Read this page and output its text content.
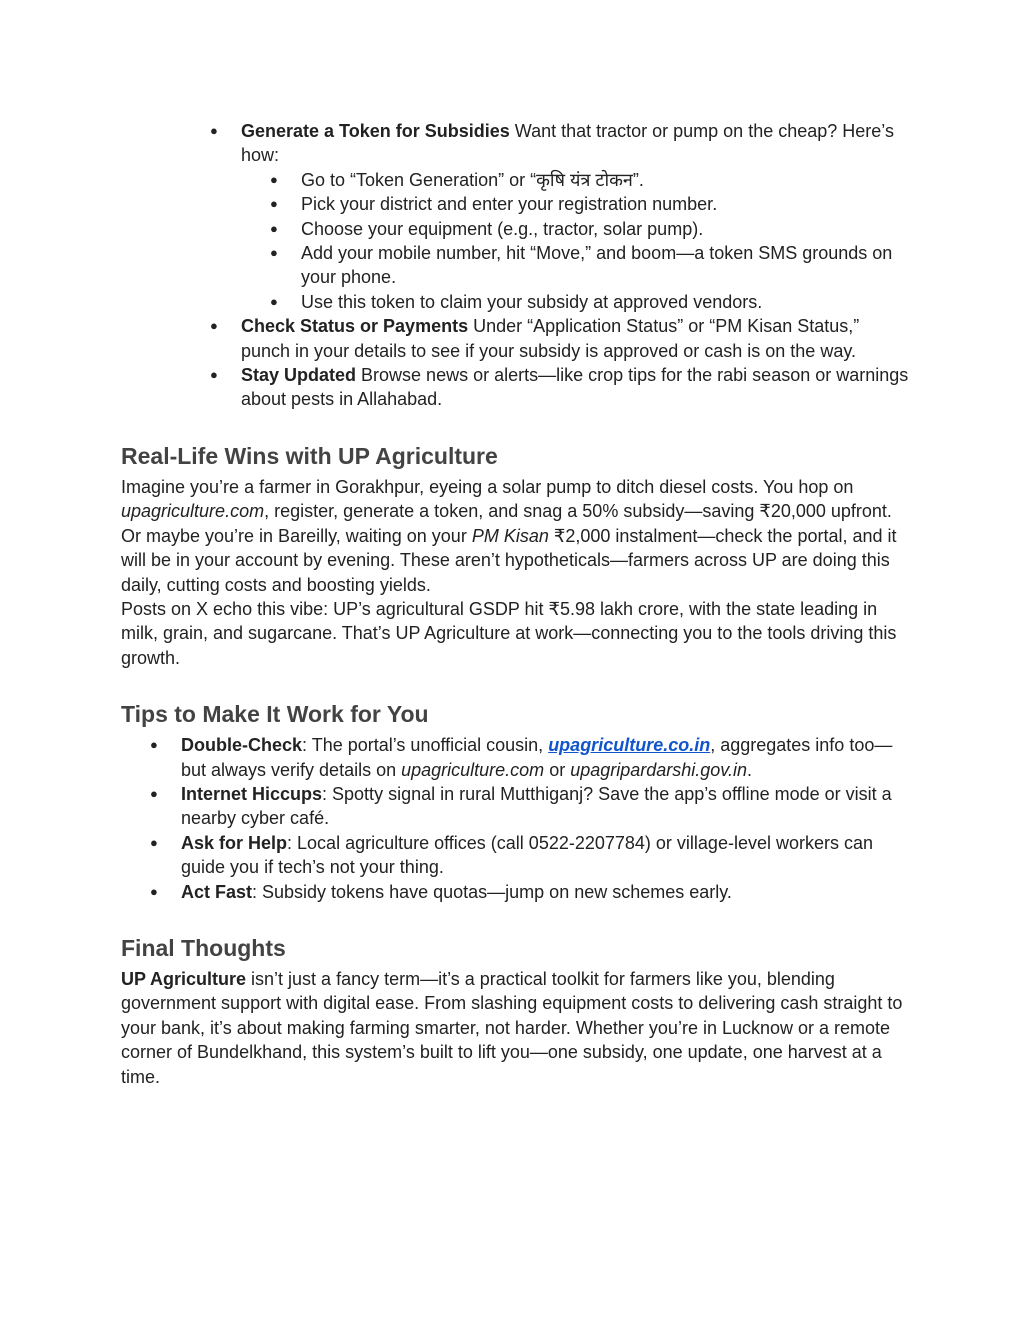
● Generate a Token for Subsidies Want that tractor or pump on the cheap? Here’s how:
● Go to “Token Generation” or “कृषि यंत्र टोकन”.
● Pick your district and enter your registration number.
● Choose your equipment (e.g., tractor, solar pump).
● Add your mobile number, hit “Move,” and boom—a token SMS grounds on your phone.
● Use this token to claim your subsidy at approved vendors.
● Check Status or Payments Under “Application Status” or “PM Kisan Status,” punch in your details to see if your subsidy is approved or cash is on the way.
● Stay Updated Browse news or alerts—like crop tips for the rabi season or warnings about pests in Allahabad.
Real-Life Wins with UP Agriculture

Imagine you’re a farmer in Gorakhpur, eyeing a solar pump to ditch diesel costs. You hop on upagriculture.com, register, generate a token, and snag a 50% subsidy—saving ₹20,000 upfront. Or maybe you’re in Bareilly, waiting on your PM Kisan ₹2,000 instalment—check the portal, and it will be in your account by evening. These aren’t hypotheticals—farmers across UP are doing this daily, cutting costs and boosting yields.

Posts on X echo this vibe: UP’s agricultural GSDP hit ₹5.98 lakh crore, with the state leading in milk, grain, and sugarcane. That’s UP Agriculture at work—connecting you to the tools driving this growth.

Tips to Make It Work for You
● Double-Check: The portal’s unofficial cousin, upagriculture.co.in, aggregates info too—but always verify details on upagriculture.com or upagripardarshi.gov.in.
● Internet Hiccups: Spotty signal in rural Mutthiganj? Save the app’s offline mode or visit a nearby cyber café.
● Ask for Help: Local agriculture offices (call 0522-2207784) or village-level workers can guide you if tech’s not your thing.
● Act Fast: Subsidy tokens have quotas—jump on new schemes early.
Final Thoughts

UP Agriculture isn’t just a fancy term—it’s a practical toolkit for farmers like you, blending government support with digital ease. From slashing equipment costs to delivering cash straight to your bank, it’s about making farming smarter, not harder. Whether you’re in Lucknow or a remote corner of Bundelkhand, this system’s built to lift you—one subsidy, one update, one harvest at a time.
